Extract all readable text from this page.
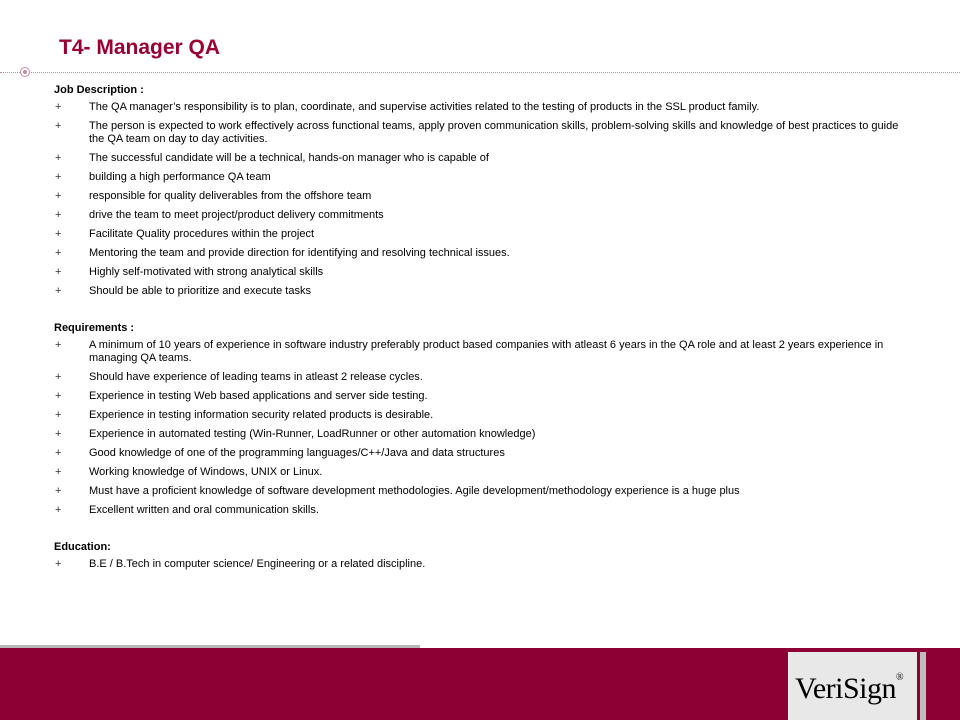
T4- Manager QA
Job Description :
+	The QA manager’s responsibility is to plan, coordinate, and supervise activities related to the testing of products in the SSL product family.
+	The person is expected to work effectively across functional teams, apply proven communication skills, problem-solving skills and knowledge of best practices to guide the QA team on day to day activities.
+	The successful candidate will be a technical, hands-on manager who is capable of
+	building a high performance QA team
+	responsible for quality deliverables from the offshore team
+	drive the team to meet project/product delivery commitments
+	Facilitate Quality procedures within the project
+	Mentoring the team and provide direction for identifying and resolving technical issues.
+	Highly self-motivated with strong analytical skills
+	Should be able to prioritize and execute tasks
Requirements :
+	A minimum of 10 years of experience in software industry preferably product based companies with atleast 6 years in the QA role and at least 2 years experience in managing QA teams.
+	Should have experience of leading teams in atleast 2 release cycles.
+	Experience in testing Web based applications and server side testing.
+	Experience in testing information security related products is desirable.
+	Experience in automated testing (Win-Runner, LoadRunner or other automation knowledge)
+	Good knowledge of one of the programming languages/C++/Java and data structures
+	Working knowledge of Windows, UNIX or Linux.
+	Must have a proficient knowledge of software development methodologies. Agile development/methodology experience is a huge plus
+	Excellent written and oral communication skills.
Education:
+	B.E / B.Tech in computer science/ Engineering or a related discipline.
VeriSign®
